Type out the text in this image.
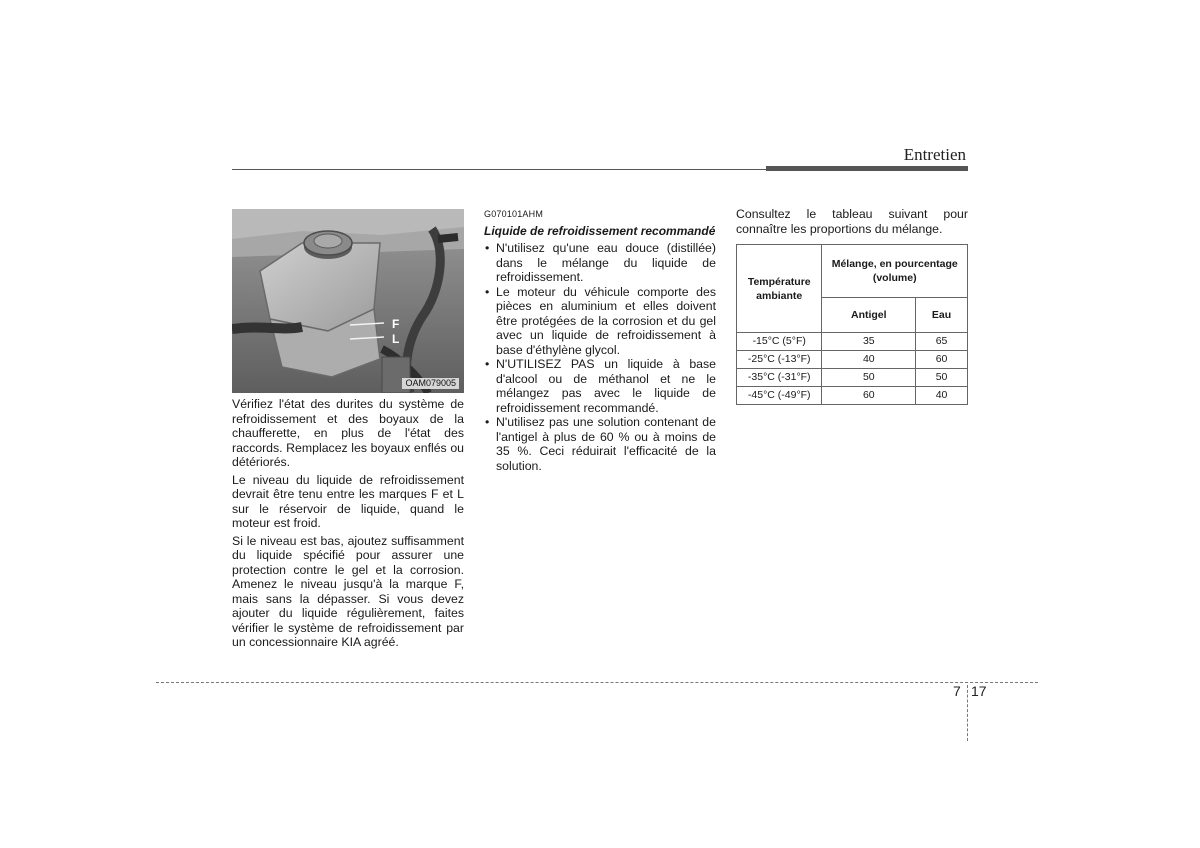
Entretien
F
L
OAM079005

Vérifiez l'état des durites du système de refroidissement et des boyaux de la chaufferette, en plus de l'état des raccords. Remplacez les boyaux enflés ou détériorés.

Le niveau du liquide de refroidissement devrait être tenu entre les marques F et L sur le réservoir de liquide, quand le moteur est froid.

Si le niveau est bas, ajoutez suffisamment du liquide spécifié pour assurer une protection contre le gel et la corrosion. Amenez le niveau jusqu'à la marque F, mais sans la dépasser. Si vous devez ajouter du liquide régulièrement, faites vérifier le système de refroidissement par un concessionnaire KIA agréé.

G070101AHM
Liquide de refroidissement recommandé
• N'utilisez qu'une eau douce (distillée) dans le mélange du liquide de refroidissement.
• Le moteur du véhicule comporte des pièces en aluminium et elles doivent être protégées de la corrosion et du gel avec un liquide de refroidissement à base d'éthylène glycol.
• N'UTILISEZ PAS un liquide à base d'alcool ou de méthanol et ne le mélangez pas avec le liquide de refroidissement recommandé.
• N'utilisez pas une solution contenant de l'antigel à plus de 60 % ou à moins de 35 %. Ceci réduirait l'efficacité de la solution.

Consultez le tableau suivant pour connaître les proportions du mélange.

Température ambiante	Mélange, en pourcentage (volume)	
	Antigel	Eau
-15°C (5°F)	35	65
-25°C (-13°F)	40	60
-35°C (-31°F)	50	50
-45°C (-49°F)	60	40
7 17
